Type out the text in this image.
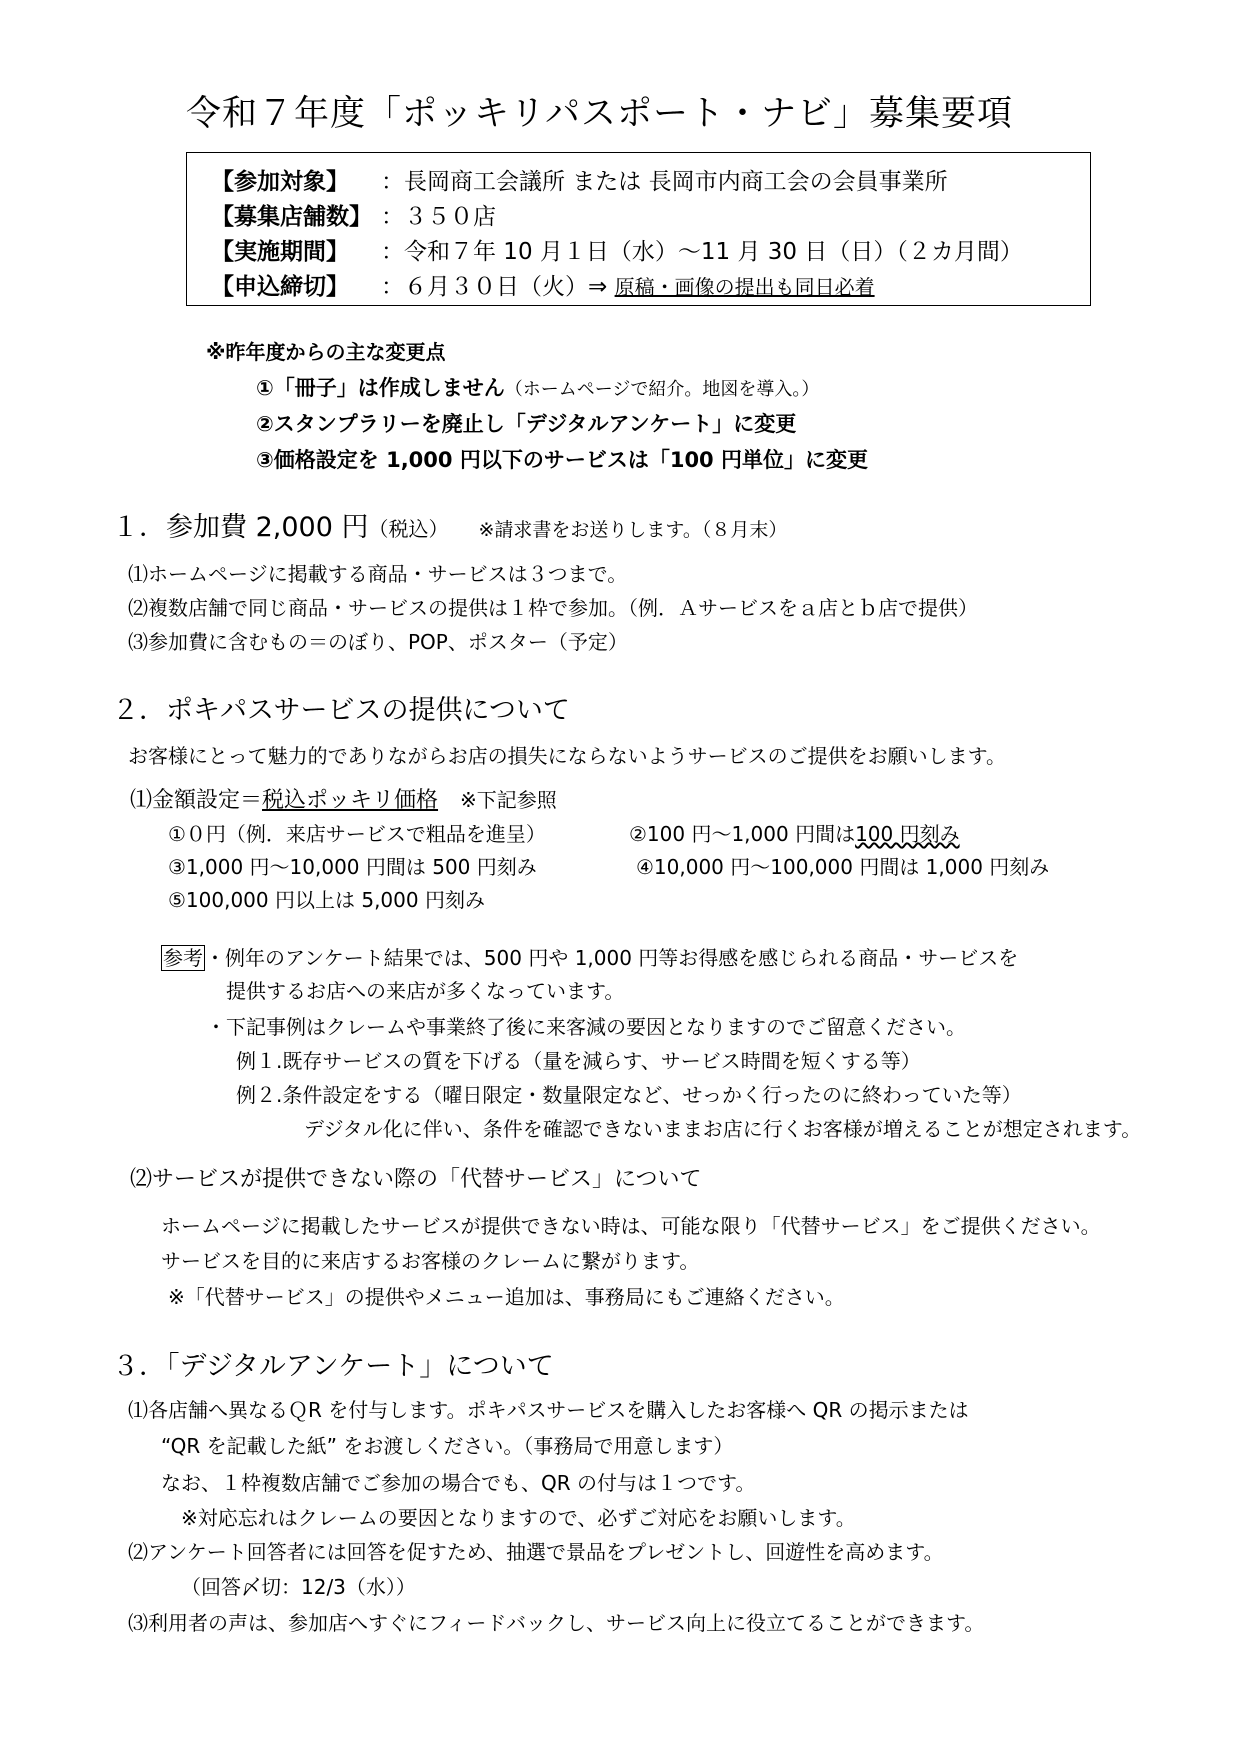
令和７年度「ポッキリパスポート・ナビ」募集要項
【参加対象】 ：長岡商工会議所 または 長岡市内商工会の会員事業所
【募集店舗数】 ：３５０店
【実施期間】 ：令和７年 10 月１日（水）～11 月 30 日（日）（２カ月間）
【申込締切】 ：６月３０日（火）⇒ 原稿・画像の提出も同日必着
※昨年度からの主な変更点
①「冊子」は作成しません（ホームページで紹介。地図を導入。）
②スタンプラリーを廃止し「デジタルアンケート」に変更
③価格設定を 1,000 円以下のサービスは「100 円単位」に変更
１．参加費 2,000 円（税込） ※請求書をお送りします。（８月末）
⑴ホームページに掲載する商品・サービスは３つまで。
⑵複数店舗で同じ商品・サービスの提供は１枠で参加。（例．Ａサービスをａ店とｂ店で提供）
⑶参加費に含むもの＝のぼり、POP、ポスター（予定）
２．ポキパスサービスの提供について
お客様にとって魅力的でありながらお店の損失にならないようサービスのご提供をお願いします。
⑴金額設定＝税込ポッキリ価格 ※下記参照
①０円（例．来店サービスで粗品を進呈）	②100 円～1,000 円間は100 円刻み
③1,000 円～10,000 円間は 500 円刻み	④10,000 円～100,000 円間は 1,000 円刻み
⑤100,000 円以上は 5,000 円刻み
参考 ・例年のアンケート結果では、500 円や 1,000 円等お得感を感じられる商品・サービスを
提供するお店への来店が多くなっています。
・下記事例はクレームや事業終了後に来客減の要因となりますのでご留意ください。
例１.既存サービスの質を下げる（量を減らす、サービス時間を短くする等）
例２.条件設定をする（曜日限定・数量限定など、せっかく行ったのに終わっていた等）
デジタル化に伴い、条件を確認できないままお店に行くお客様が増えることが想定されます。
⑵サービスが提供できない際の「代替サービス」について
ホームページに掲載したサービスが提供できない時は、可能な限り「代替サービス」をご提供ください。
サービスを目的に来店するお客様のクレームに繋がります。
※「代替サービス」の提供やメニュー追加は、事務局にもご連絡ください。
３．「デジタルアンケート」について
⑴各店舗へ異なるＱR を付与します。ポキパスサービスを購入したお客様へ QR の掲示または
“QR を記載した紙” をお渡しください。（事務局で用意します）
なお、１枠複数店舗でご参加の場合でも、QR の付与は１つです。
※対応忘れはクレームの要因となりますので、必ずご対応をお願いします。
⑵アンケート回答者には回答を促すため、抽選で景品をプレゼントし、回遊性を高めます。
（回答〆切：12/3（水））
⑶利用者の声は、参加店へすぐにフィードバックし、サービス向上に役立てることができます。
